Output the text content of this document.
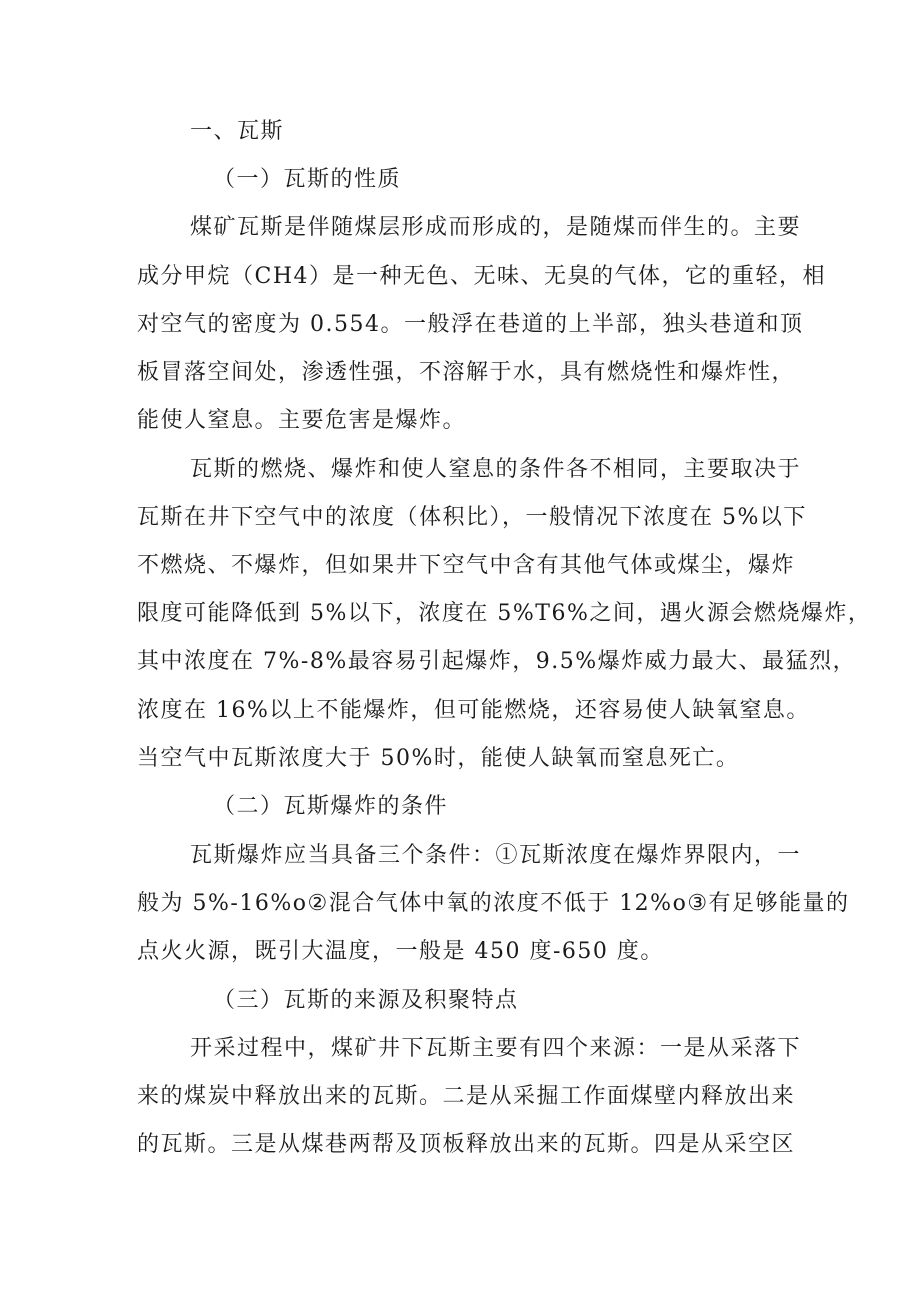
一、瓦斯
（一）瓦斯的性质
煤矿瓦斯是伴随煤层形成而形成的，是随煤而伴生的。主要
成分甲烷（CH4）是一种无色、无味、无臭的气体，它的重轻，相
对空气的密度为 0.554。一般浮在巷道的上半部，独头巷道和顶
板冒落空间处，渗透性强，不溶解于水，具有燃烧性和爆炸性，
能使人窒息。主要危害是爆炸。
瓦斯的燃烧、爆炸和使人窒息的条件各不相同，主要取决于
瓦斯在井下空气中的浓度（体积比），一般情况下浓度在 5%以下
不燃烧、不爆炸，但如果井下空气中含有其他气体或煤尘，爆炸
限度可能降低到 5%以下，浓度在 5%T6%之间，遇火源会燃烧爆炸，
其中浓度在 7%-8%最容易引起爆炸，9.5%爆炸威力最大、最猛烈，
浓度在 16%以上不能爆炸，但可能燃烧，还容易使人缺氧窒息。
当空气中瓦斯浓度大于 50%时，能使人缺氧而窒息死亡。
（二）瓦斯爆炸的条件
瓦斯爆炸应当具备三个条件：①瓦斯浓度在爆炸界限内，一
般为 5%-16%o②混合气体中氧的浓度不低于 12%o③有足够能量的
点火火源，既引大温度，一般是 450 度-650 度。
（三）瓦斯的来源及积聚特点
开采过程中，煤矿井下瓦斯主要有四个来源：一是从采落下
来的煤炭中释放出来的瓦斯。二是从采掘工作面煤壁内释放出来
的瓦斯。三是从煤巷两帮及顶板释放出来的瓦斯。四是从采空区
